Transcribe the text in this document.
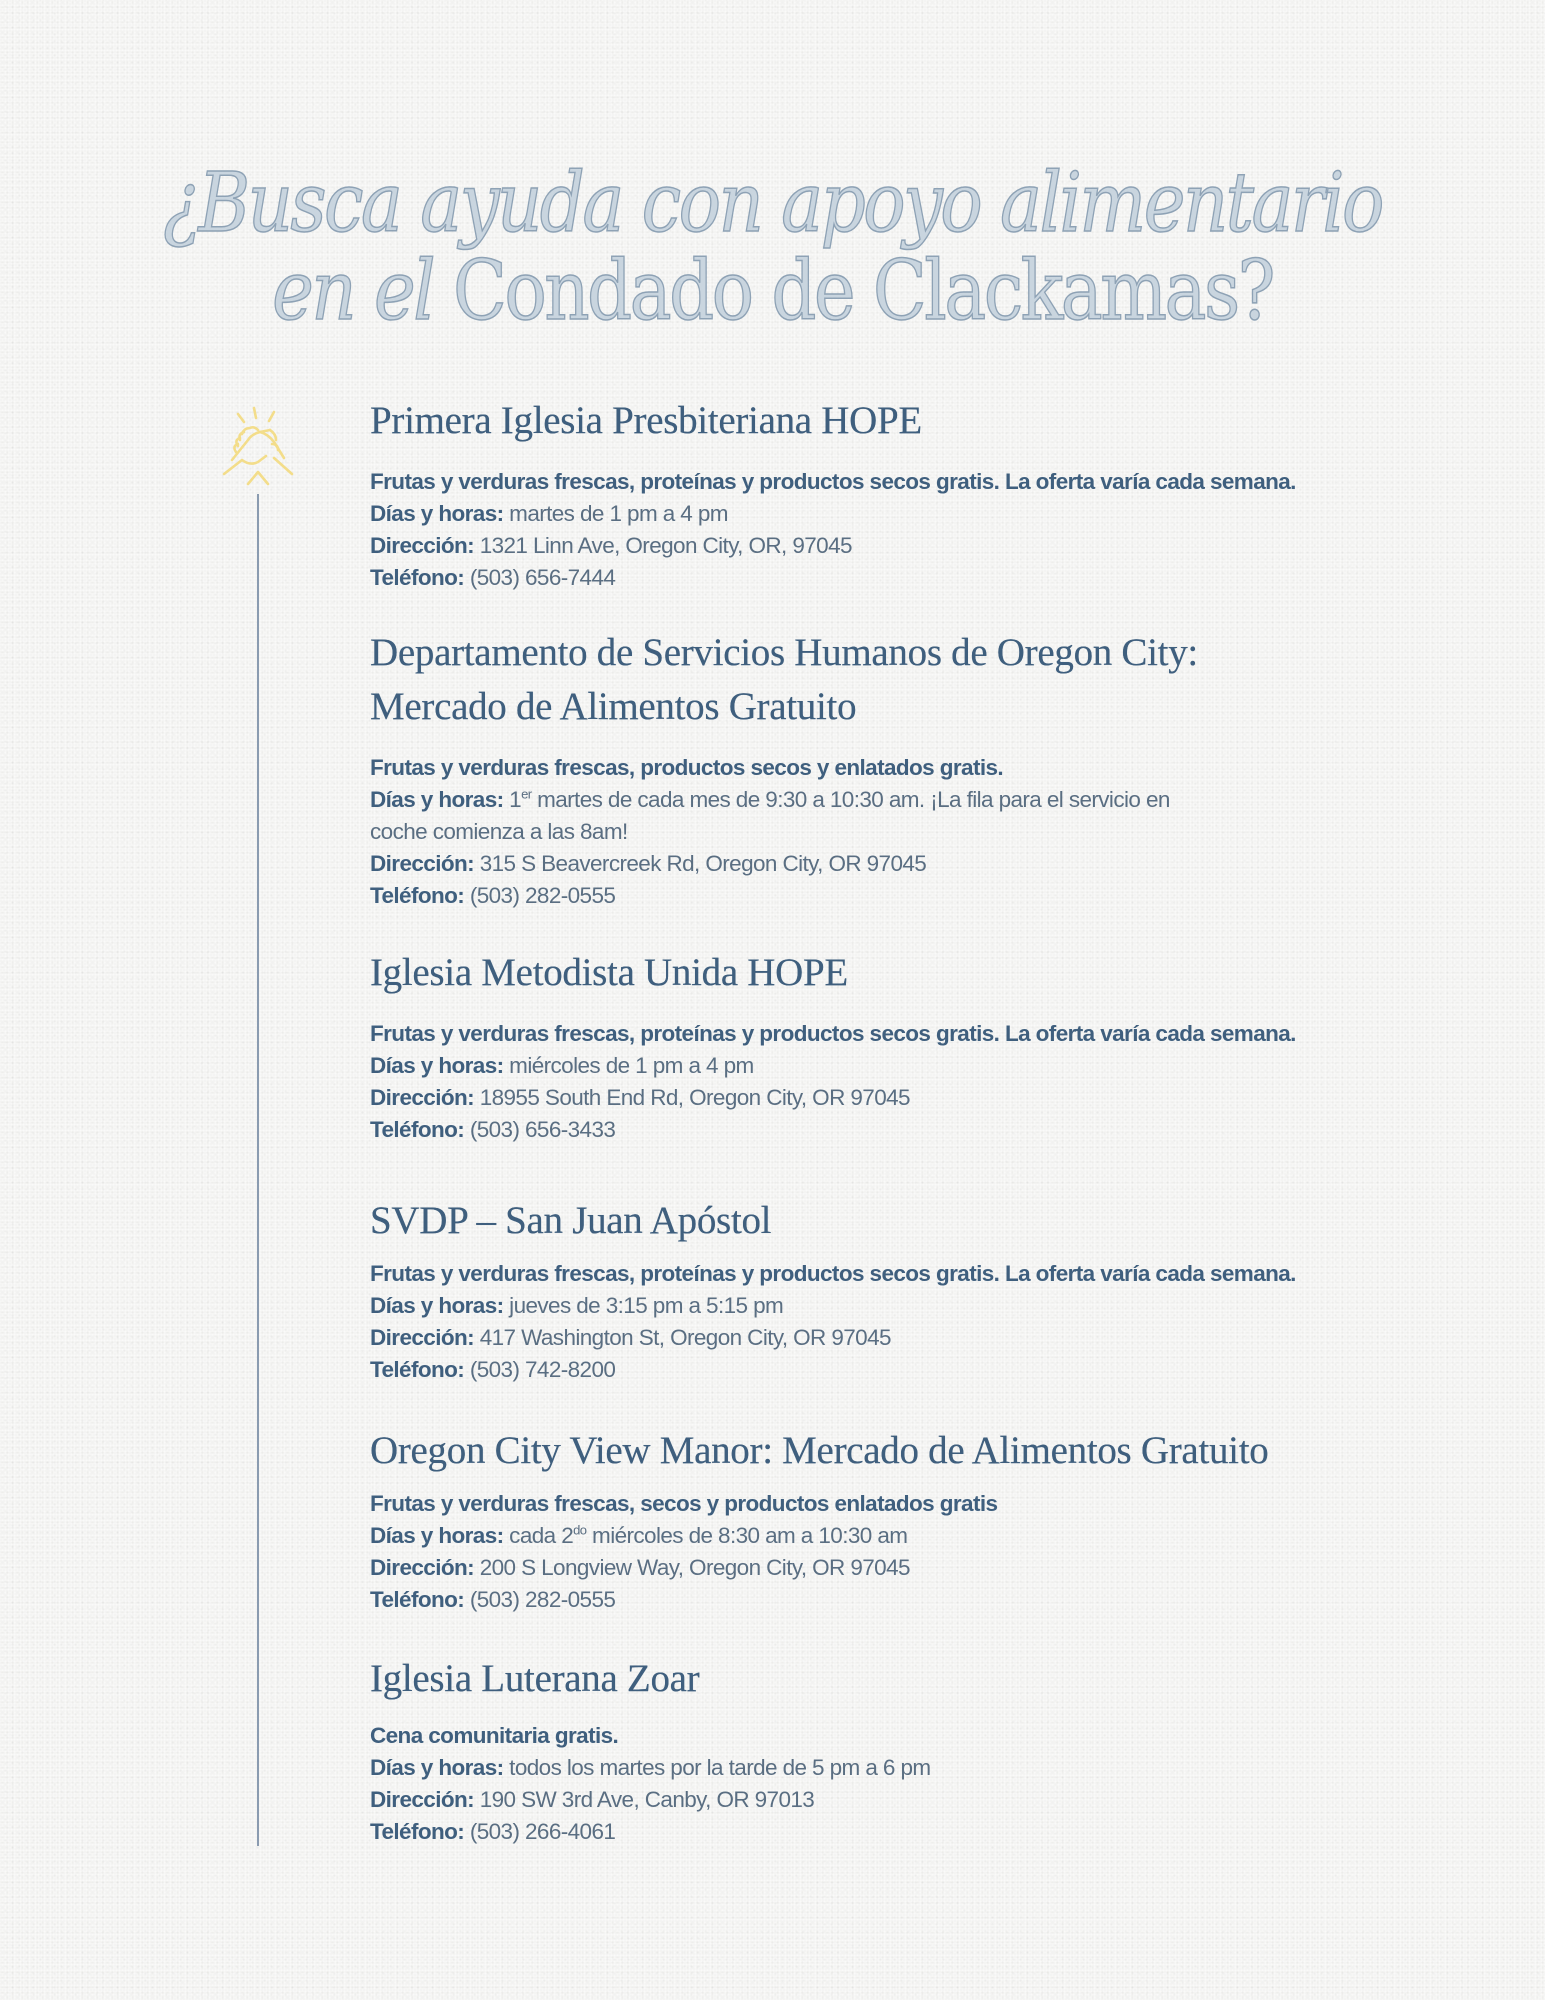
¿Busca ayuda con apoyo alimentario
en el Condado de Clackamas?
Primera Iglesia Presbiteriana HOPE
Frutas y verduras frescas, proteínas y productos secos gratis. La oferta varía cada semana.
Días y horas: martes de 1 pm a 4 pm
Dirección: 1321 Linn Ave, Oregon City, OR, 97045
Teléfono: (503) 656-7444
Departamento de Servicios Humanos de Oregon City:
Mercado de Alimentos Gratuito
Frutas y verduras frescas, productos secos y enlatados gratis.
Días y horas: 1er martes de cada mes de 9:30 a 10:30 am. ¡La fila para el servicio en
coche comienza a las 8am!
Dirección: 315 S Beavercreek Rd, Oregon City, OR 97045
Teléfono: (503) 282-0555
Iglesia Metodista Unida HOPE
Frutas y verduras frescas, proteínas y productos secos gratis. La oferta varía cada semana.
Días y horas: miércoles de 1 pm a 4 pm
Dirección: 18955 South End Rd, Oregon City, OR 97045
Teléfono: (503) 656-3433
SVDP – San Juan Apóstol
Frutas y verduras frescas, proteínas y productos secos gratis. La oferta varía cada semana.
Días y horas: jueves de 3:15 pm a 5:15 pm
Dirección: 417 Washington St, Oregon City, OR 97045
Teléfono: (503) 742-8200
Oregon City View Manor: Mercado de Alimentos Gratuito
Frutas y verduras frescas, secos y productos enlatados gratis
Días y horas: cada $2^{do}$ miércoles de 8:30 am a 10:30 am
Dirección: 200 S Longview Way, Oregon City, OR 97045
Teléfono: (503) 282-0555
Iglesia Luterana Zoar
Cena comunitaria gratis.
Días y horas: todos los martes por la tarde de 5 pm a 6 pm
Dirección: 190 SW 3rd Ave, Canby, OR 97013
Teléfono: (503) 266-4061
